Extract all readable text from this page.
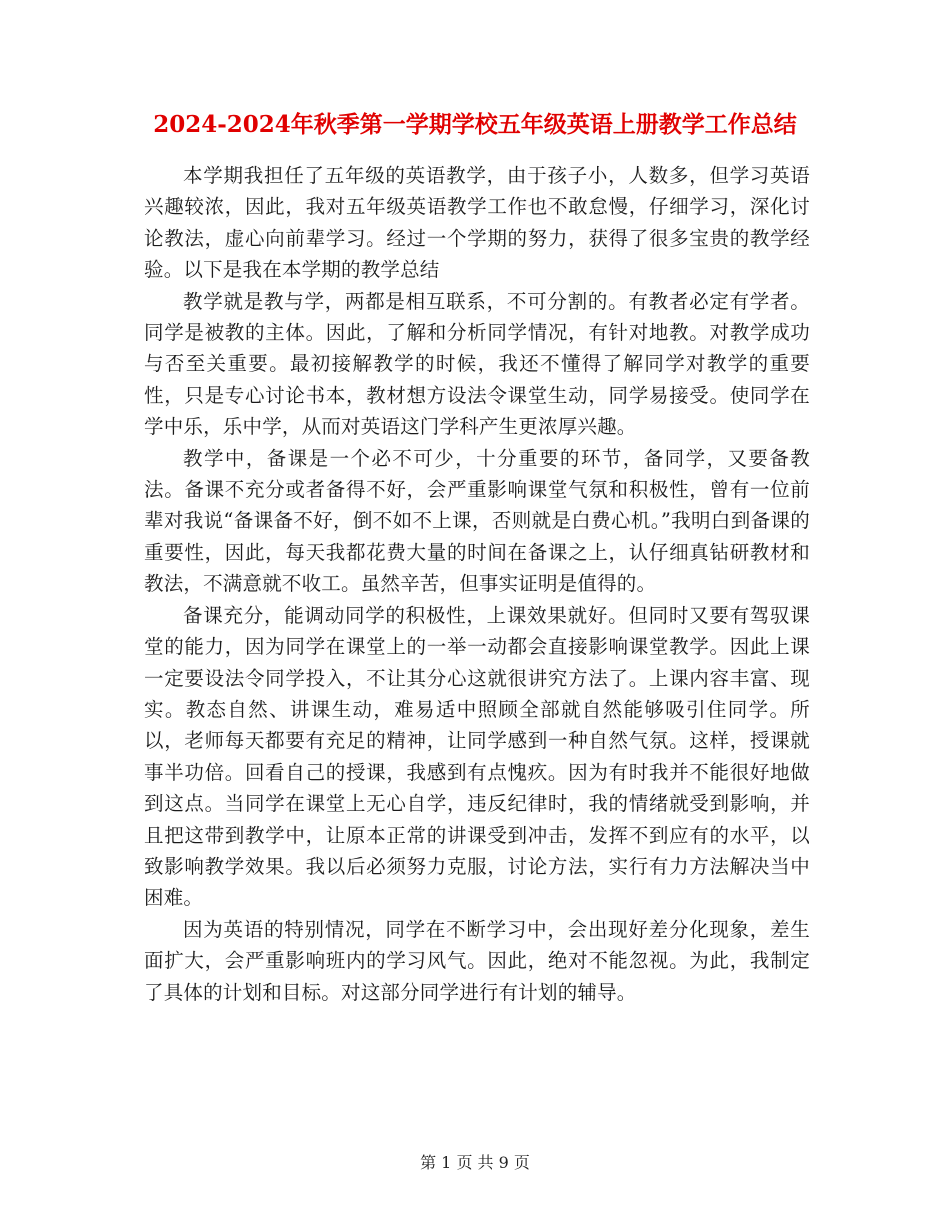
2024-2024年秋季第一学期学校五年级英语上册教学工作总结

本学期我担任了五年级的英语教学，由于孩子小，人数多，但学习英语兴趣较浓，因此，我对五年级英语教学工作也不敢怠慢，仔细学习，深化讨论教法，虚心向前辈学习。经过一个学期的努力，获得了很多宝贵的教学经验。以下是我在本学期的教学总结

教学就是教与学，两都是相互联系，不可分割的。有教者必定有学者。同学是被教的主体。因此，了解和分析同学情况，有针对地教。对教学成功与否至关重要。最初接解教学的时候，我还不懂得了解同学对教学的重要性，只是专心讨论书本，教材想方设法令课堂生动，同学易接受。使同学在学中乐，乐中学，从而对英语这门学科产生更浓厚兴趣。

教学中，备课是一个必不可少，十分重要的环节，备同学，又要备教法。备课不充分或者备得不好，会严重影响课堂气氛和积极性，曾有一位前辈对我说“备课备不好，倒不如不上课，否则就是白费心机。”我明白到备课的重要性，因此，每天我都花费大量的时间在备课之上，认仔细真钻研教材和教法，不满意就不收工。虽然辛苦，但事实证明是值得的。

备课充分，能调动同学的积极性，上课效果就好。但同时又要有驾驭课堂的能力，因为同学在课堂上的一举一动都会直接影响课堂教学。因此上课一定要设法令同学投入，不让其分心这就很讲究方法了。上课内容丰富、现实。教态自然、讲课生动，难易适中照顾全部就自然能够吸引住同学。所以，老师每天都要有充足的精神，让同学感到一种自然气氛。这样，授课就事半功倍。回看自己的授课，我感到有点愧疚。因为有时我并不能很好地做到这点。当同学在课堂上无心自学，违反纪律时，我的情绪就受到影响，并且把这带到教学中，让原本正常的讲课受到冲击，发挥不到应有的水平，以致影响教学效果。我以后必须努力克服，讨论方法，实行有力方法解决当中困难。

因为英语的特别情况，同学在不断学习中，会出现好差分化现象，差生面扩大，会严重影响班内的学习风气。因此，绝对不能忽视。为此，我制定了具体的计划和目标。对这部分同学进行有计划的辅导。

第 1 页 共 9 页
